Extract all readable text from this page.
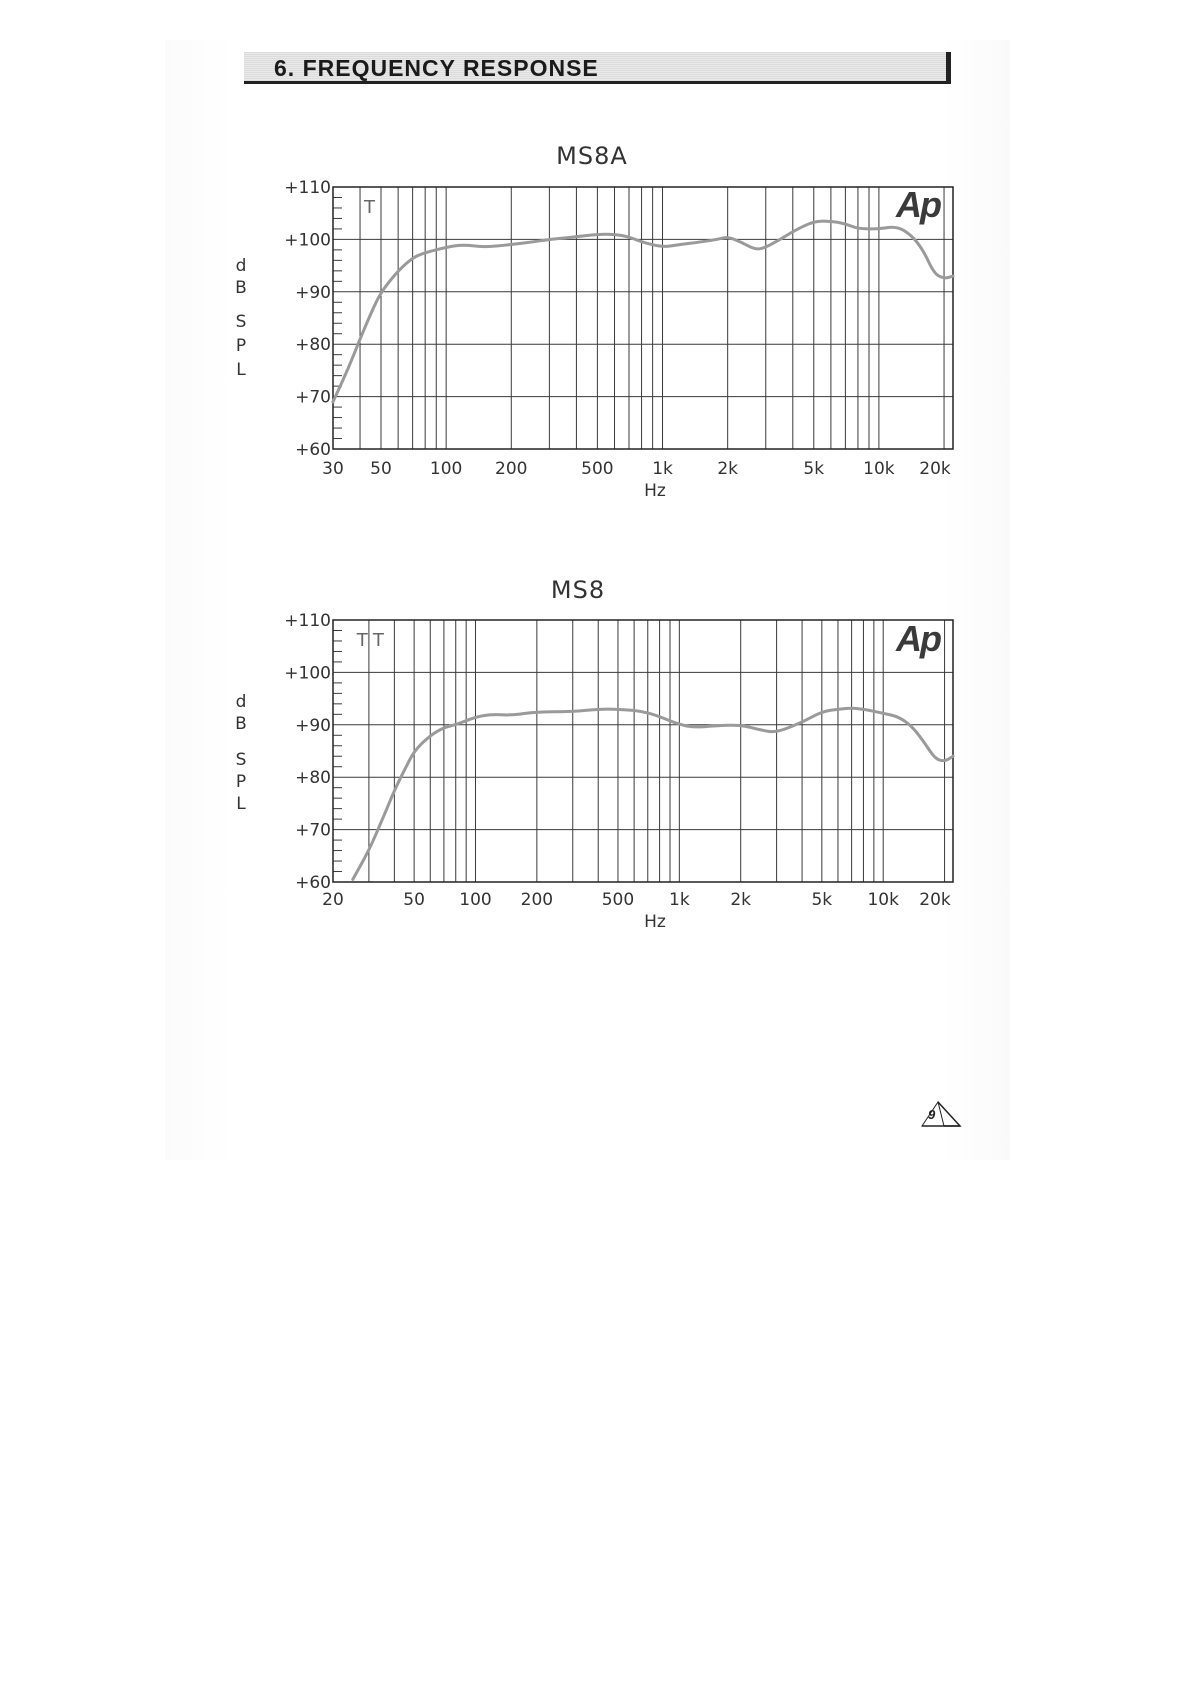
6. FREQUENCY RESPONSE
MS8A
d
B
S
P
L
T
+60
+70
+80
+90
+100
+110
30 50 100 200	500 1k	2k	5k 10k 20k
Hz
Ap
MS8
d
B
S
P
L
T T
+60
+70
+80
+90
+100
+110
20	50 100 200	500 1k 2k	5k 10k 20k
Hz
Ap
9
